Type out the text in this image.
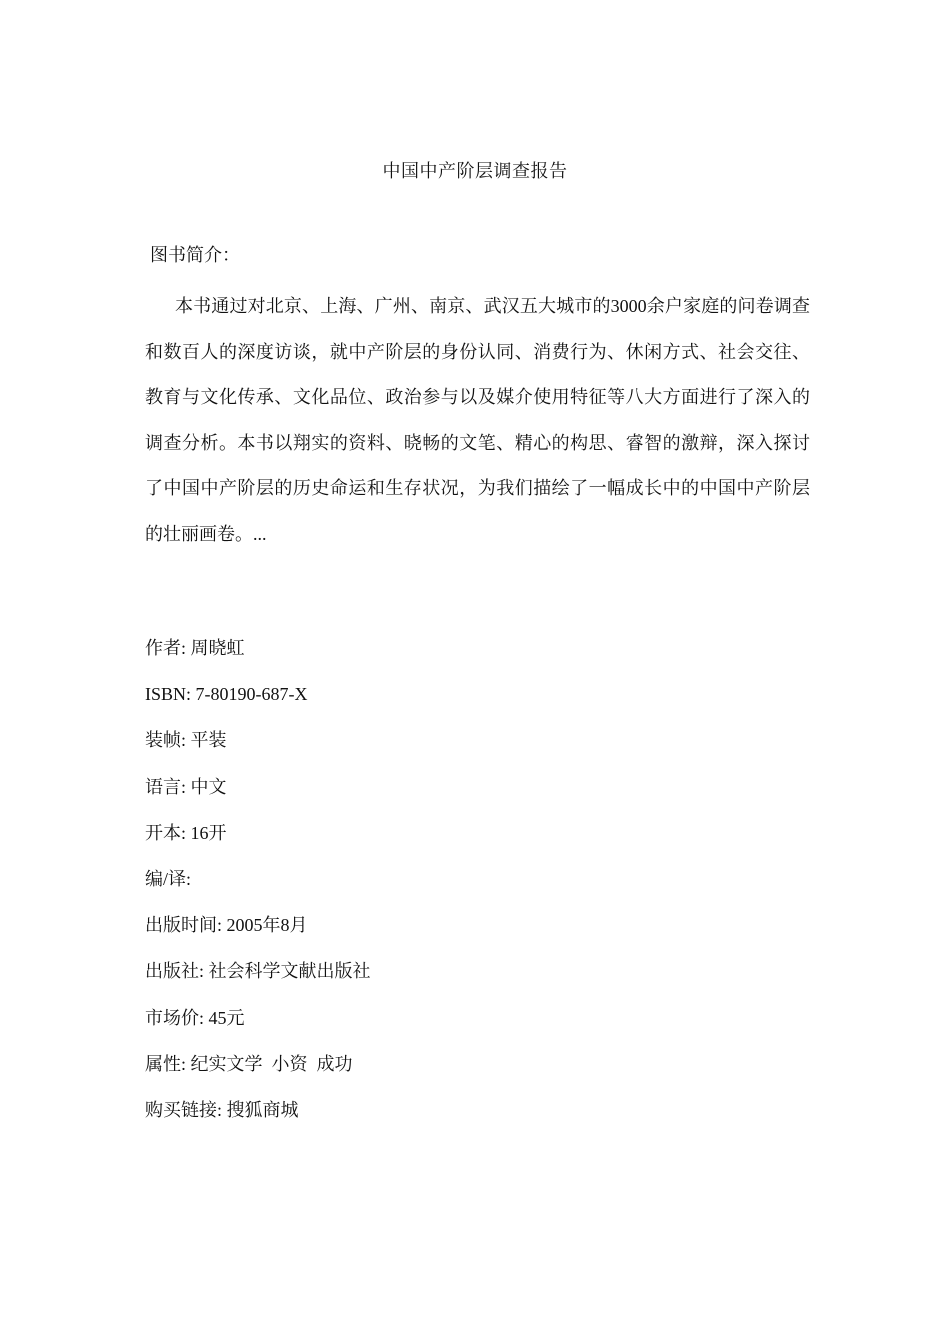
中国中产阶层调查报告
图书简介：

本书通过对北京、上海、广州、南京、武汉五大城市的3000余户家庭的问卷调查和数百人的深度访谈，就中产阶层的身份认同、消费行为、休闲方式、社会交往、教育与文化传承、文化品位、政治参与以及媒介使用特征等八大方面进行了深入的调查分析。本书以翔实的资料、晓畅的文笔、精心的构思、睿智的激辩，深入探讨了中国中产阶层的历史命运和生存状况，为我们描绘了一幅成长中的中国中产阶层的壮丽画卷。...

作者: 周晓虹
ISBN: 7-80190-687-X
装帧: 平装
语言: 中文
开本: 16开
编/译:
出版时间: 2005年8月
出版社: 社会科学文献出版社
市场价: 45元
属性: 纪实文学  小资  成功
购买链接: 搜狐商城
